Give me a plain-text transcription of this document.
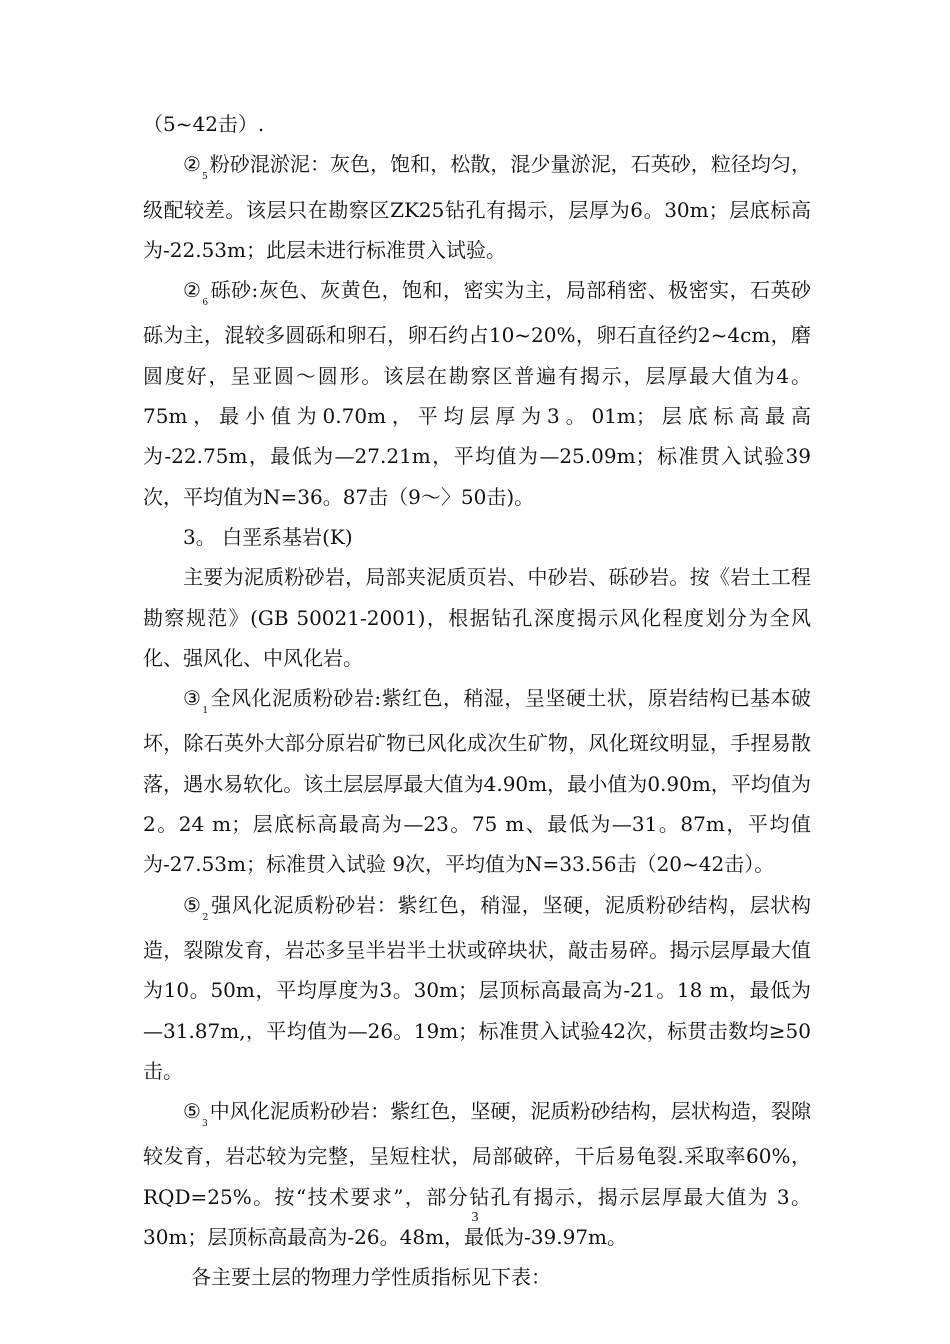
（5~42击）.

$②_5$粉砂混淤泥：灰色，饱和，松散，混少量淤泥，石英砂，粒径均匀，级配较差。该层只在勘察区ZK25钻孔有揭示，层厚为6。30m；层底标高为-22.53m；此层未进行标准贯入试验。

$②_6$砾砂:灰色、灰黄色，饱和，密实为主，局部稍密、极密实，石英砂砾为主，混较多圆砾和卵石，卵石约占10~20%，卵石直径约2~4cm，磨圆度好，呈亚圆～圆形。该层在勘察区普遍有揭示，层厚最大值为4。75m，最小值为0.70m，平均层厚为3。01m；层底标高最高为-22.75m，最低为—27.21m，平均值为—25.09m；标准贯入试验39次，平均值为N=36。87击（9～〉50击)。

3。 白垩系基岩(K)

主要为泥质粉砂岩，局部夹泥质页岩、中砂岩、砾砂岩。按《岩土工程勘察规范》(GB 50021-2001)，根据钻孔深度揭示风化程度划分为全风化、强风化、中风化岩。

$③_1$全风化泥质粉砂岩:紫红色，稍湿，呈坚硬土状，原岩结构已基本破坏，除石英外大部分原岩矿物已风化成次生矿物，风化斑纹明显，手捏易散落，遇水易软化。该土层层厚最大值为4.90m，最小值为0.90m，平均值为2。24 m；层底标高最高为—23。75 m、最低为—31。87m，平均值为-27.53m；标准贯入试验 9次，平均值为N=33.56击（20~42击）。

$⑤_2$强风化泥质粉砂岩：紫红色，稍湿，坚硬，泥质粉砂结构，层状构造，裂隙发育，岩芯多呈半岩半土状或碎块状，敲击易碎。揭示层厚最大值为10。50m，平均厚度为3。30m；层顶标高最高为-21。18 m，最低为—31.87m,，平均值为—26。19m；标准贯入试验42次，标贯击数均≥50击。

$⑤_3$中风化泥质粉砂岩：紫红色，坚硬，泥质粉砂结构，层状构造，裂隙较发育，岩芯较为完整，呈短柱状，局部破碎，干后易龟裂.采取率60%，RQD=25%。按“技术要求”，部分钻孔有揭示，揭示层厚最大值为 3。30m；层顶标高最高为-26。48m，最低为-39.97m。

各主要土层的物理力学性质指标见下表：

3
